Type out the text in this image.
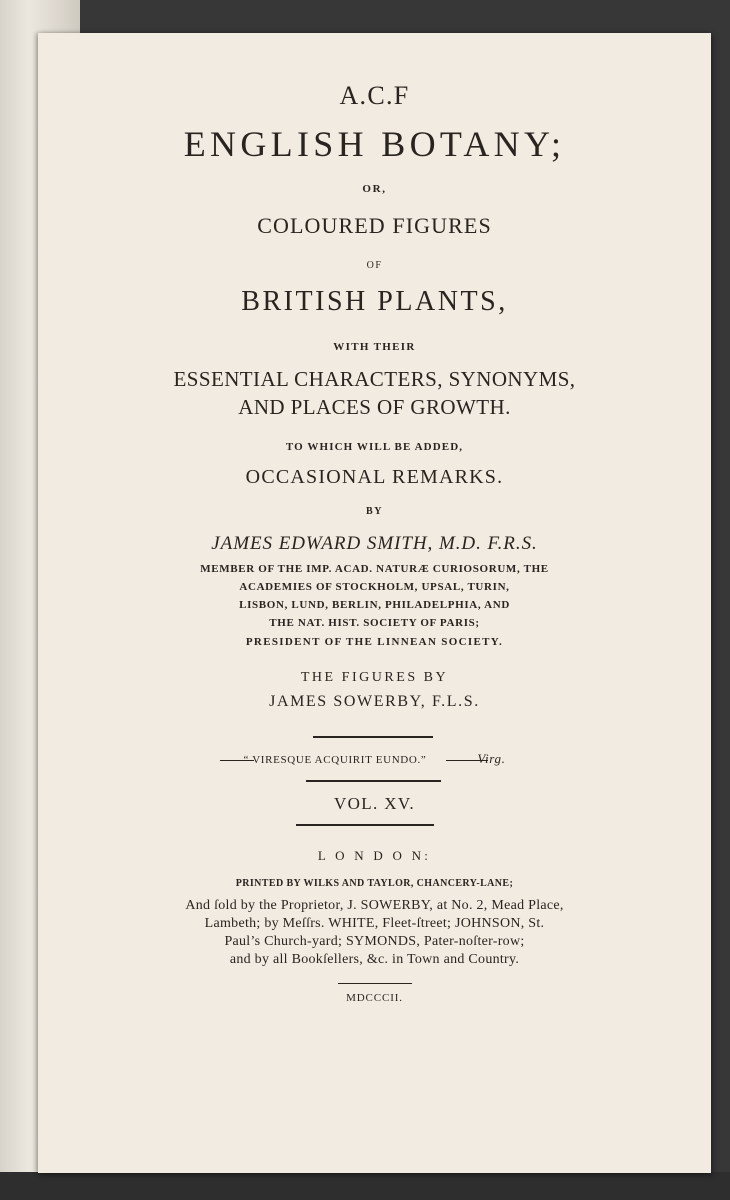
A.C.F
ENGLISH BOTANY;
OR,
COLOURED FIGURES
OF
BRITISH PLANTS,
WITH THEIR
ESSENTIAL CHARACTERS, SYNONYMS,
AND PLACES OF GROWTH.
TO WHICH WILL BE ADDED,
OCCASIONAL REMARKS.
BY
JAMES EDWARD SMITH, M.D. F.R.S.
MEMBER OF THE IMP. ACAD. NATURÆ CURIOSORUM, THE
ACADEMIES OF STOCKHOLM, UPSAL, TURIN,
LISBON, LUND, BERLIN, PHILADELPHIA, AND
THE NAT. HIST. SOCIETY OF PARIS;
PRESIDENT OF THE LINNEAN SOCIETY.
THE FIGURES BY
JAMES SOWERBY, F.L.S.
“ VIRESQUE ACQUIRIT EUNDO.”	Virg.
VOL. XV.
L O N D O N:
PRINTED BY WILKS AND TAYLOR, CHANCERY-LANE;
And ſold by the Proprietor, J. SOWERBY, at No. 2, Mead Place,
Lambeth; by Meſſrs. WHITE, Fleet-ſtreet; JOHNSON, St.
Paul’s Church-yard; SYMONDS, Pater-noſter-row;
and by all Bookſellers, &c. in Town and Country.
MDCCCII.
